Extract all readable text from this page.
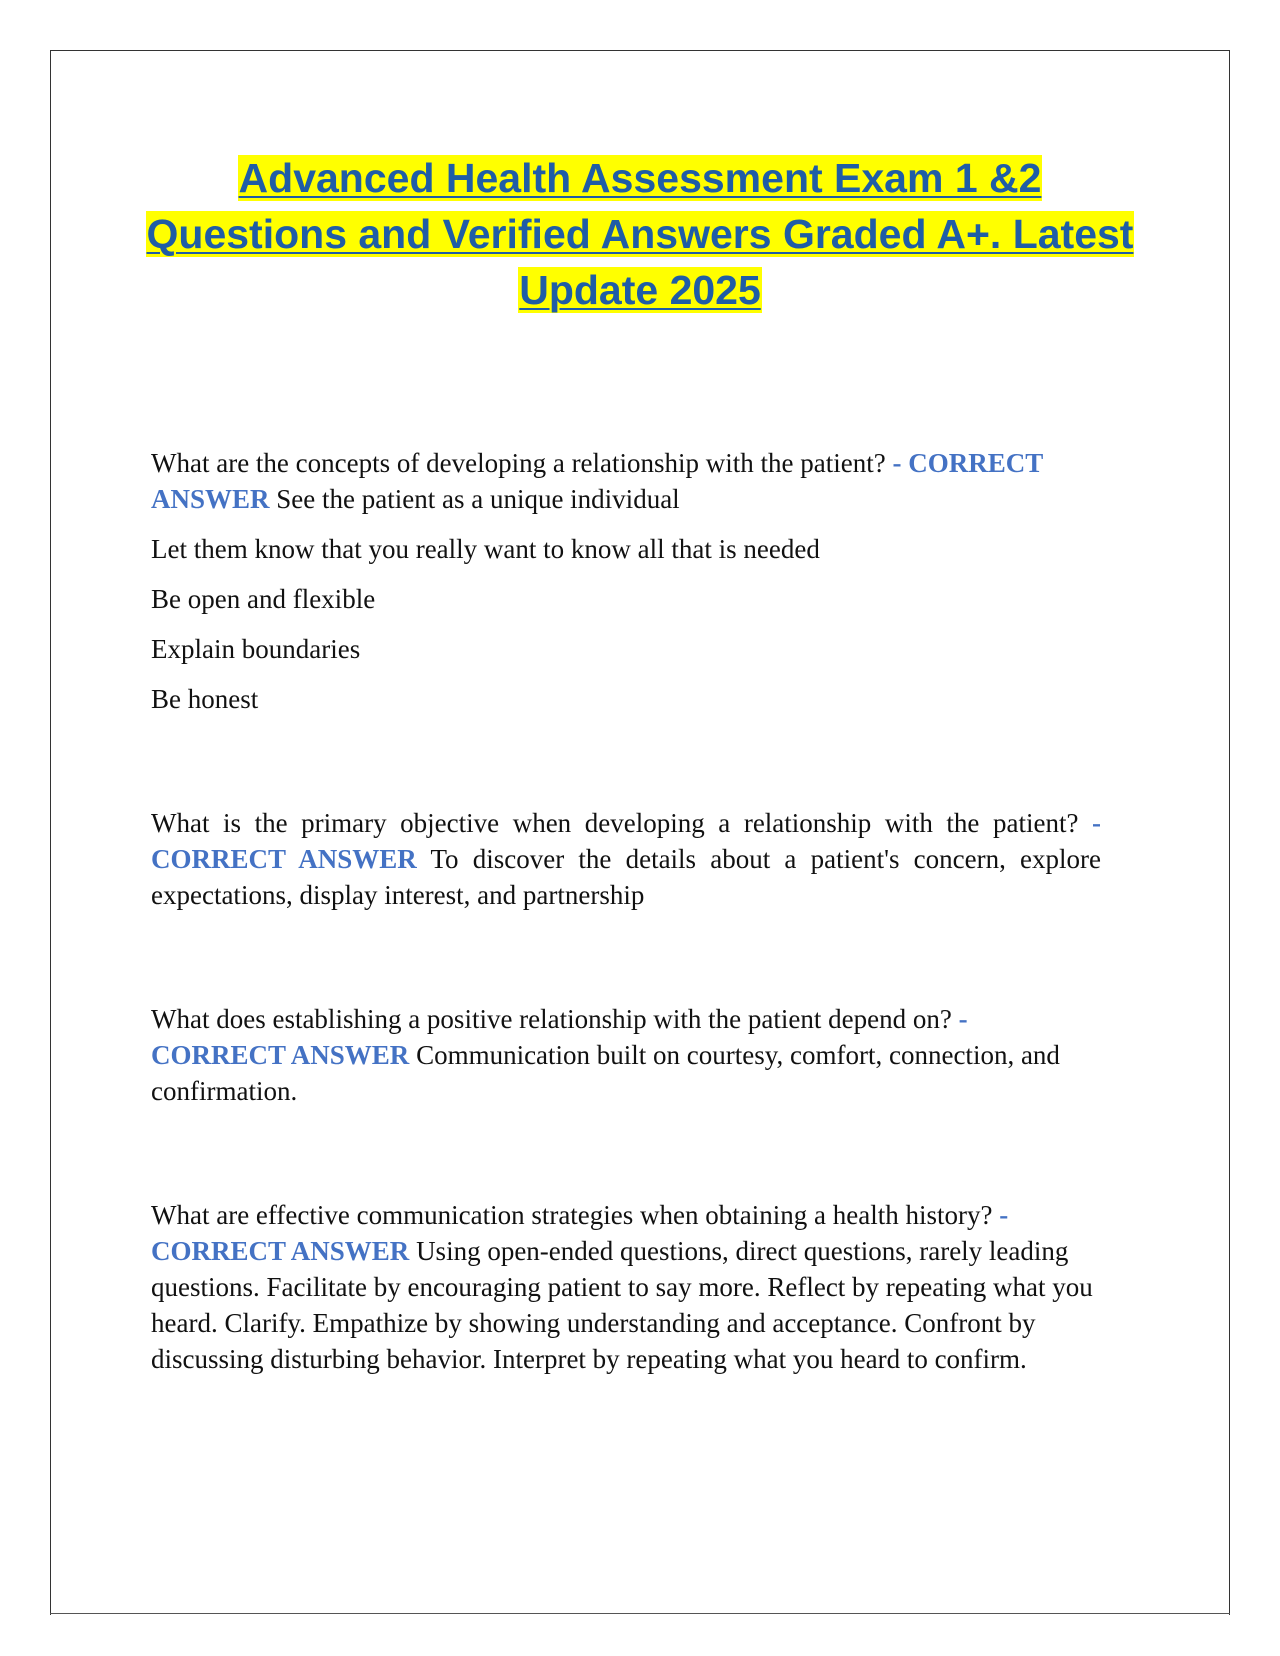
Advanced Health Assessment Exam 1 &2
Questions and Verified Answers Graded A+. Latest
Update 2025

What are the concepts of developing a relationship with the patient? - CORRECT ANSWER See the patient as a unique individual

Let them know that you really want to know all that is needed

Be open and flexible

Explain boundaries

Be honest

What is the primary objective when developing a relationship with the patient? - CORRECT ANSWER To discover the details about a patient's concern, explore expectations, display interest, and partnership

What does establishing a positive relationship with the patient depend on? - CORRECT ANSWER Communication built on courtesy, comfort, connection, and confirmation.

What are effective communication strategies when obtaining a health history? - CORRECT ANSWER Using open-ended questions, direct questions, rarely leading questions. Facilitate by encouraging patient to say more. Reflect by repeating what you heard. Clarify. Empathize by showing understanding and acceptance. Confront by discussing disturbing behavior. Interpret by repeating what you heard to confirm.
